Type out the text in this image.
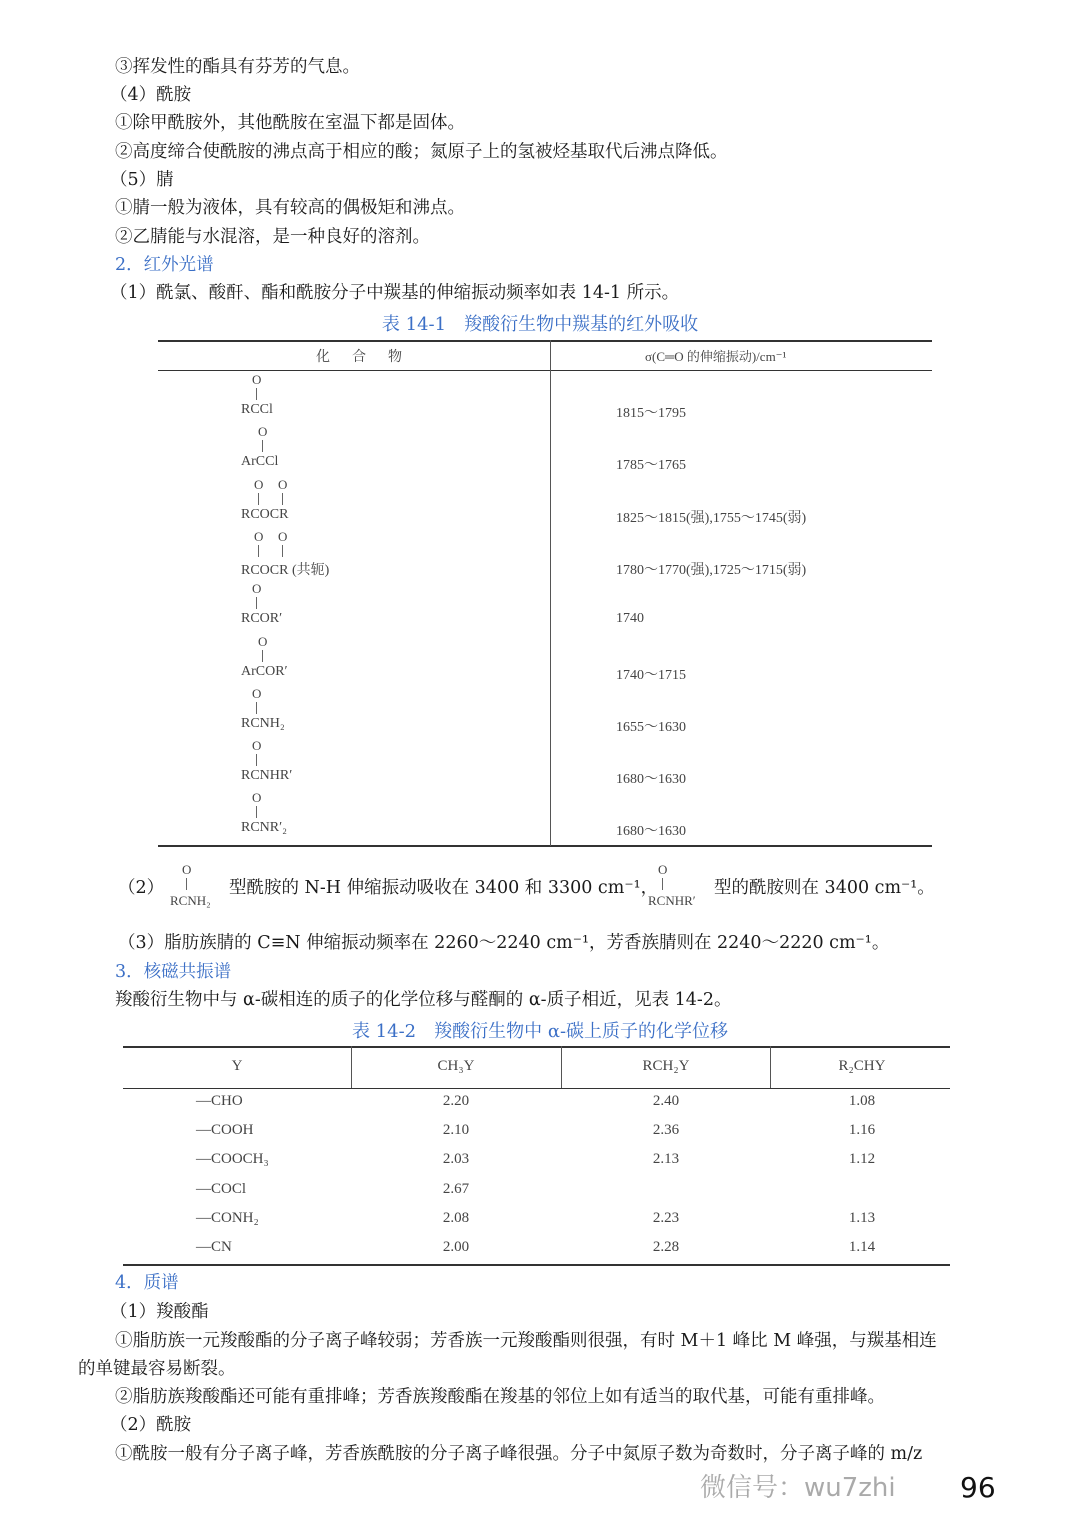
③挥发性的酯具有芬芳的气息。
（4）酰胺
①除甲酰胺外，其他酰胺在室温下都是固体。
②高度缔合使酰胺的沸点高于相应的酸；氮原子上的氢被烃基取代后沸点降低。
（5）腈
①腈一般为液体，具有较高的偶极矩和沸点。
②乙腈能与水混溶，是一种良好的溶剂。
2．红外光谱
（1）酰氯、酸酐、酯和酰胺分子中羰基的伸缩振动频率如表 14-1 所示。
表 14-1　羧酸衍生物中羰基的红外吸收
化　合　物	σ(C═O 的伸缩振动)/cm⁻¹
O
RCCl	1815～1795
O
ArCCl	1785～1765
O O
RCOCR	1825～1815(强),1755～1745(弱)
O O
RCOCR (共轭)	1780～1770(强),1725～1715(弱)
O
RCOR′	1740
O
ArCOR′	1740～1715
O
RCNH₂	1655～1630
O
RCNHR′	1680～1630
O
RCNR′₂	1680～1630
（2）
O
RCNH₂
型酰胺的 N-H 伸缩振动吸收在 3400 和 3300 cm⁻¹，
O
RCNHR′
型的酰胺则在 3400 cm⁻¹。
（3）脂肪族腈的 C≡N 伸缩振动频率在 2260～2240 cm⁻¹，芳香族腈则在 2240～2220 cm⁻¹。
3．核磁共振谱
羧酸衍生物中与 α-碳相连的质子的化学位移与醛酮的 α-质子相近，见表 14-2。
表 14-2　羧酸衍生物中 α-碳上质子的化学位移
Y	CH₃Y	RCH₂Y	R₂CHY
—CHO	2.20	2.40	1.08
—COOH	2.10	2.36	1.16
—COOCH₃	2.03	2.13	1.12
—COCl	2.67
—CONH₂	2.08	2.23	1.13
—CN	2.00	2.28	1.14
4．质谱
（1）羧酸酯
①脂肪族一元羧酸酯的分子离子峰较弱；芳香族一元羧酸酯则很强，有时 M＋1 峰比 M 峰强，与羰基相连
的单键最容易断裂。
②脂肪族羧酸酯还可能有重排峰；芳香族羧酸酯在羧基的邻位上如有适当的取代基，可能有重排峰。
（2）酰胺
①酰胺一般有分子离子峰，芳香族酰胺的分子离子峰很强。分子中氮原子数为奇数时，分子离子峰的 m/z
微信号：wu7zhi 96
